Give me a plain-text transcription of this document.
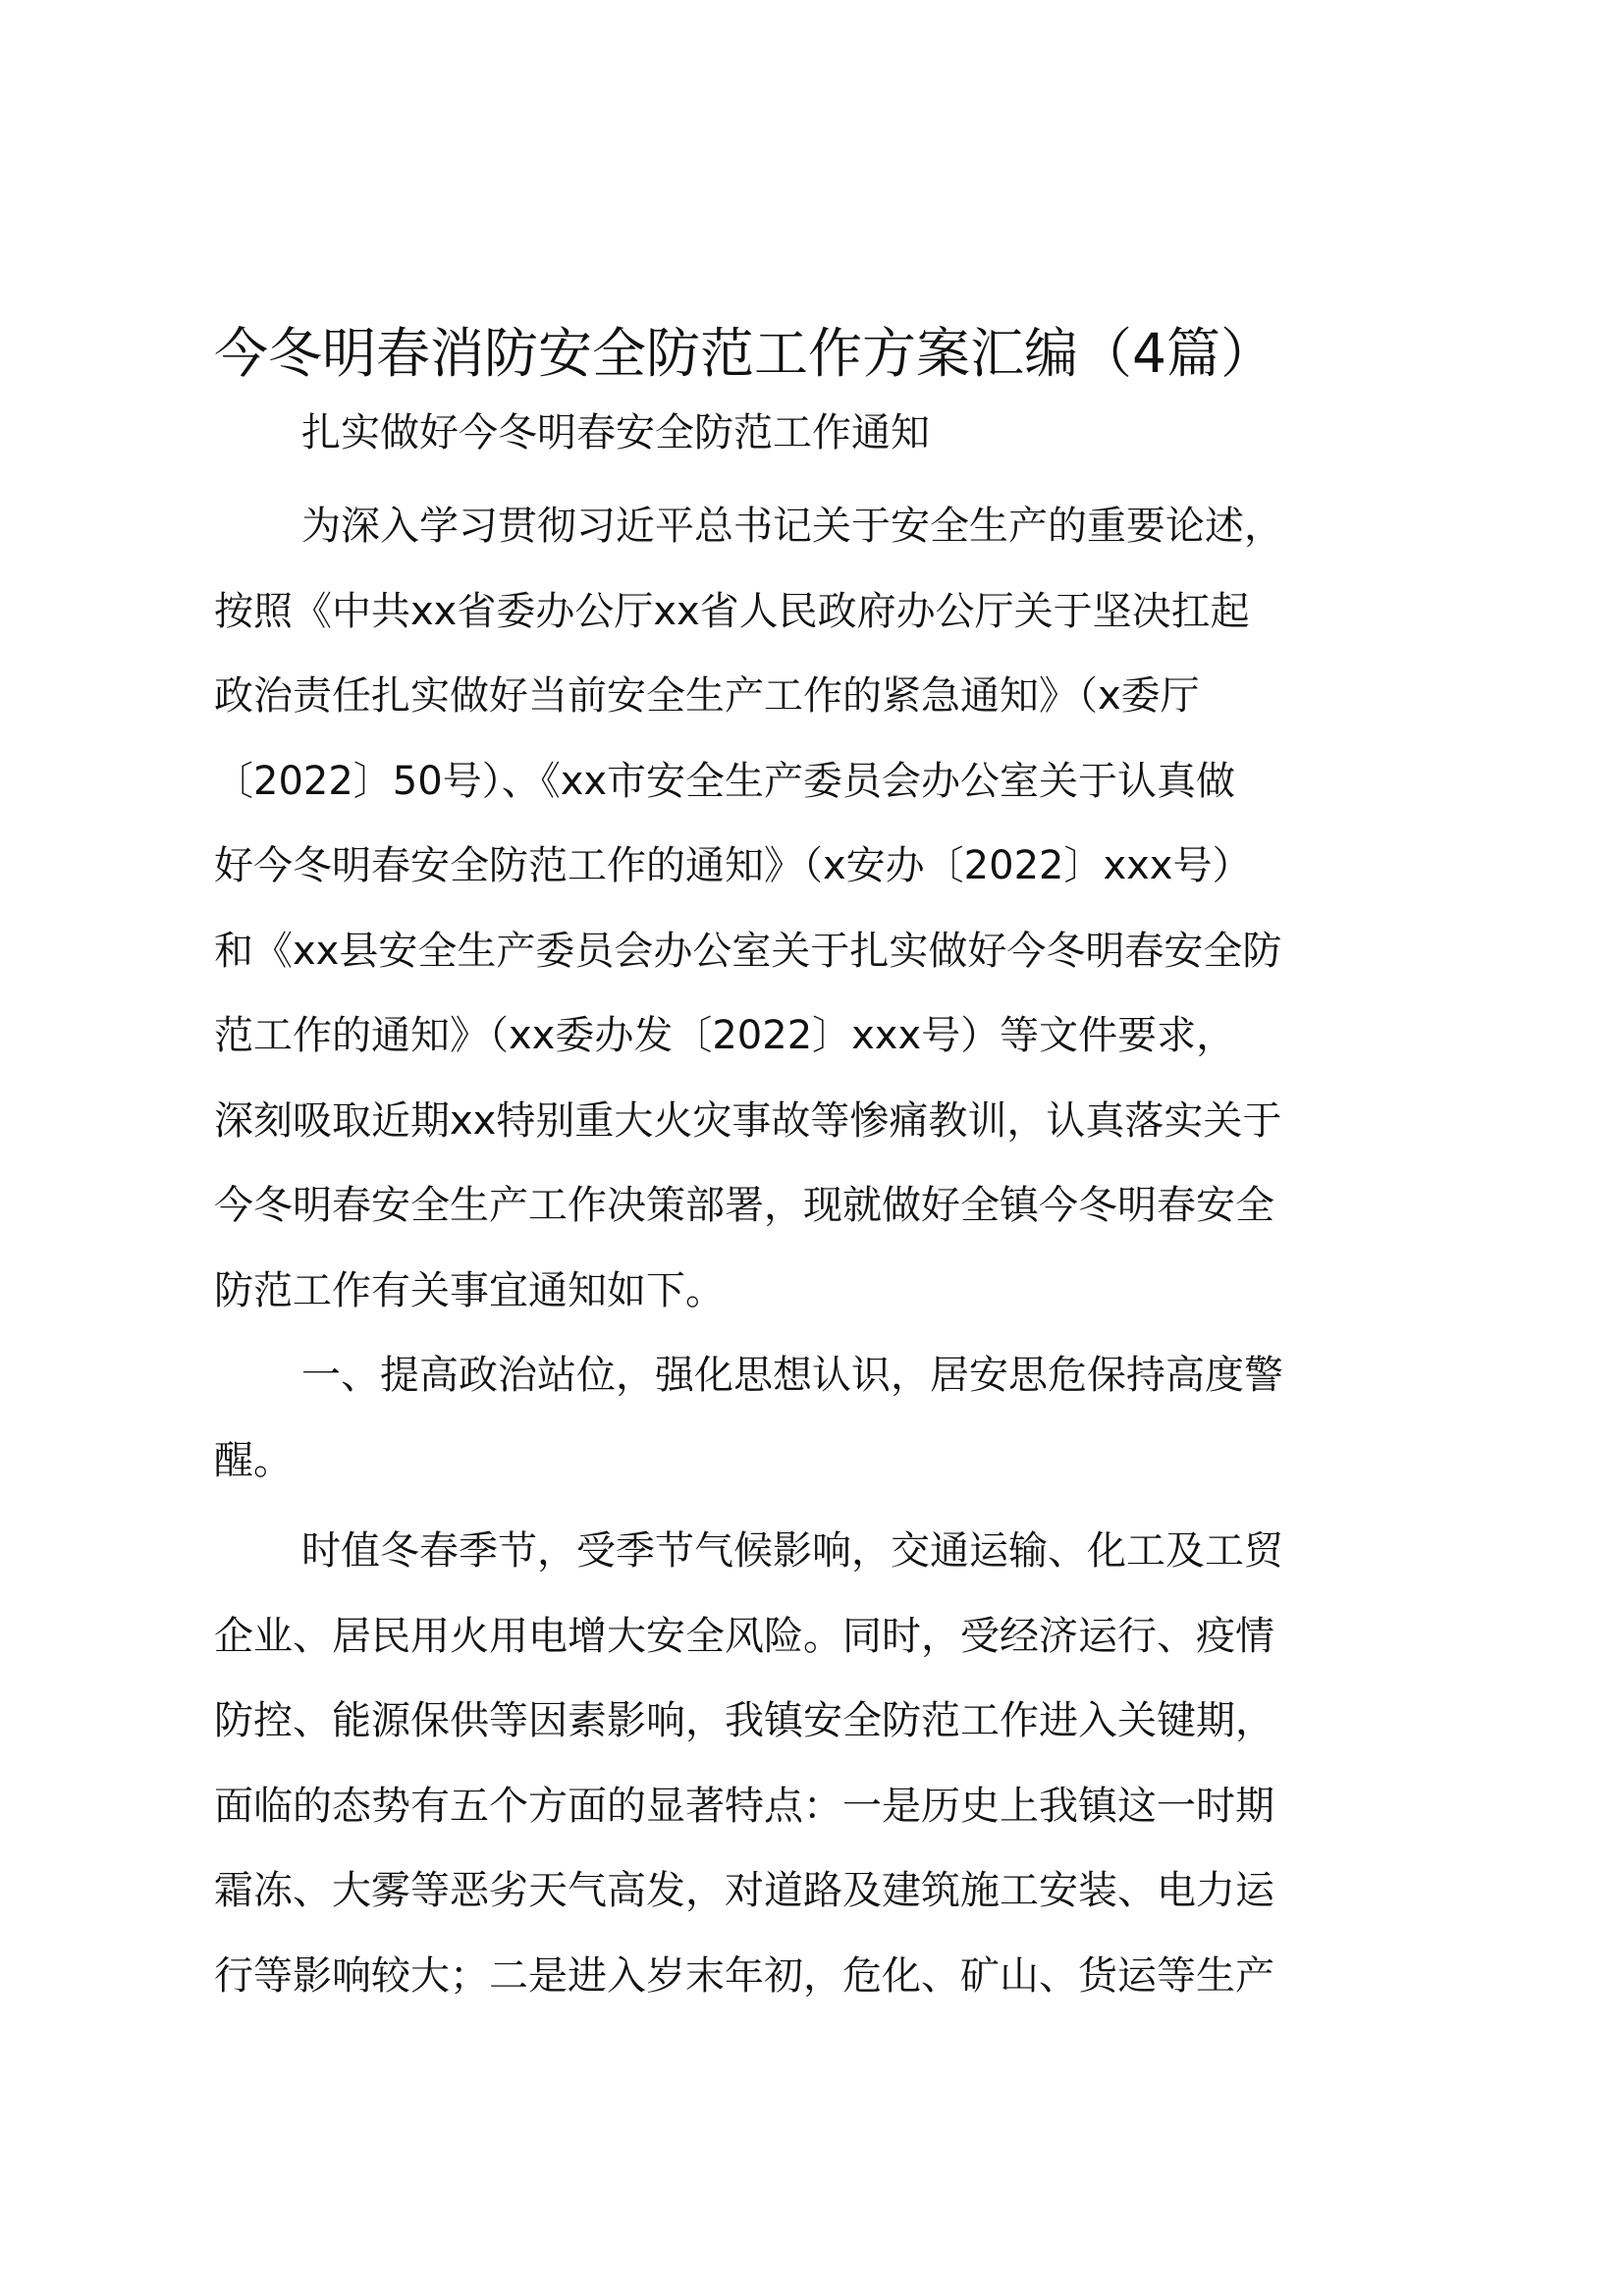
今冬明春消防安全防范工作方案汇编（4篇）
扎实做好今冬明春安全防范工作通知
为深入学习贯彻习近平总书记关于安全生产的重要论述，
按照《中共xx省委办公厅xx省人民政府办公厅关于坚决扛起
政治责任扎实做好当前安全生产工作的紧急通知》（x委厅
〔2022〕50号）、《xx市安全生产委员会办公室关于认真做
好今冬明春安全防范工作的通知》（x安办〔2022〕xxx号）
和《xx县安全生产委员会办公室关于扎实做好今冬明春安全防
范工作的通知》（xx委办发〔2022〕xxx号）等文件要求，
深刻吸取近期xx特别重大火灾事故等惨痛教训，认真落实关于
今冬明春安全生产工作决策部署，现就做好全镇今冬明春安全
防范工作有关事宜通知如下。
一、提高政治站位，强化思想认识，居安思危保持高度警
醒。
时值冬春季节，受季节气候影响，交通运输、化工及工贸
企业、居民用火用电增大安全风险。同时，受经济运行、疫情
防控、能源保供等因素影响，我镇安全防范工作进入关键期，
面临的态势有五个方面的显著特点：一是历史上我镇这一时期
霜冻、大雾等恶劣天气高发，对道路及建筑施工安装、电力运
行等影响较大；二是进入岁末年初，危化、矿山、货运等生产
